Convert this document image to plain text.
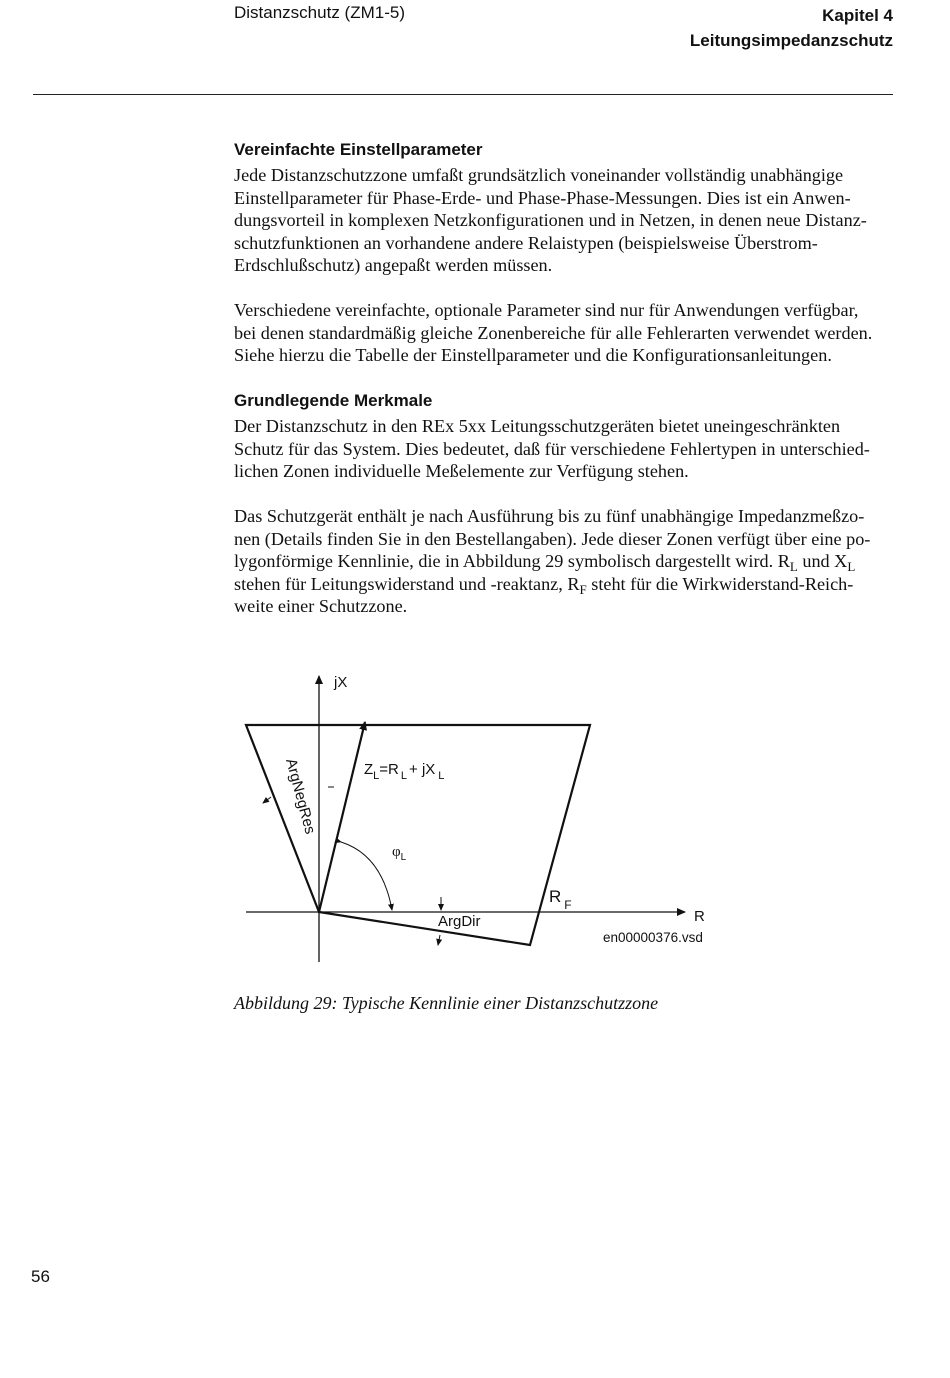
Distanzschutz (ZM1-5)	Kapitel 4
Leitungsimpedanzschutz
Vereinfachte Einstellparameter
Jede Distanzschutzzone umfaßt grundsätzlich voneinander vollständig unabhängige
Einstellparameter für Phase-Erde- und Phase-Phase-Messungen. Dies ist ein Anwen-
dungsvorteil in komplexen Netzkonfigurationen und in Netzen, in denen neue Distanz-
schutzfunktionen an vorhandene andere Relaistypen (beispielsweise Überstrom-
Erdschlußschutz) angepaßt werden müssen.
Verschiedene vereinfachte, optionale Parameter sind nur für Anwendungen verfügbar,
bei denen standardmäßig gleiche Zonenbereiche für alle Fehlerarten verwendet werden.
Siehe hierzu die Tabelle der Einstellparameter und die Konfigurationsanleitungen.
Grundlegende Merkmale
Der Distanzschutz in den REx 5xx Leitungsschutzgeräten bietet uneingeschränkten
Schutz für das System. Dies bedeutet, daß für verschiedene Fehlertypen in unterschied-
lichen Zonen individuelle Meßelemente zur Verfügung stehen.
Das Schutzgerät enthält je nach Ausführung bis zu fünf unabhängige Impedanzmeßzo-
nen (Details finden Sie in den Bestellangaben). Jede dieser Zonen verfügt über eine po-
lygonförmige Kennlinie, die in Abbildung 29 symbolisch dargestellt wird. $R_L$ und $X_L$
stehen für Leitungswiderstand und -reaktanz, $R_F$ steht für die Wirkwiderstand-Reich-
weite einer Schutzzone.
jX
R
ArgNegRes	$Z_L=R$ $_L$ + jX $_L$
$\varphi_L$
R $_F$
ArgDir
en00000376.vsd
Abbildung 29: Typische Kennlinie einer Distanzschutzzone
56
